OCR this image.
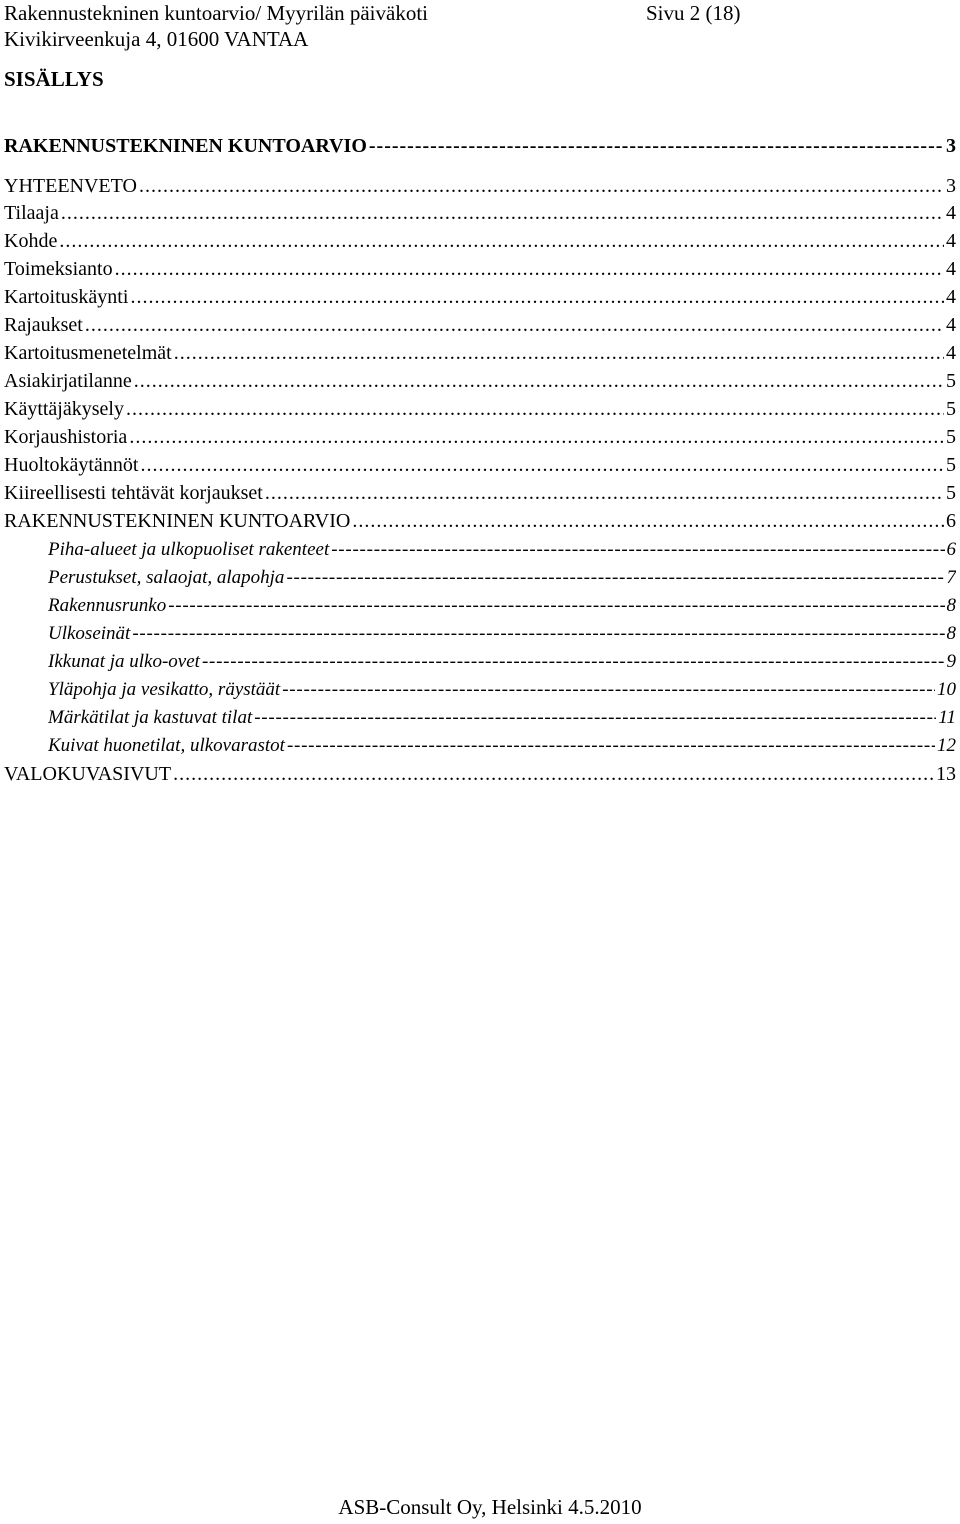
Rakennustekninen kuntoarvio/ Myyrilän päiväkoti	Sivu 2 (18)
Kivikirveenkuja 4, 01600 VANTAA
SISÄLLYS
RAKENNUSTEKNINEN KUNTOARVIO - - -	3
YHTEENVETO .....	3
Tilaaja .....	4
Kohde .....	4
Toimeksianto .....	4
Kartoituskäynti .....	4
Rajaukset .....	4
Kartoitusmenetelmät .....	4
Asiakirjatilanne .....	5
Käyttäjäkysely .....	5
Korjaushistoria .....	5
Huoltokäytännöt .....	5
Kiireellisesti tehtävät korjaukset .....	5
RAKENNUSTEKNINEN KUNTOARVIO .....	6
Piha-alueet ja ulkopuoliset rakenteet - - -	6
Perustukset, salaojat, alapohja - - -	7
Rakennusrunko - - -	8
Ulkoseinät - - -	8
Ikkunat ja ulko-ovet - - -	9
Yläpohja ja vesikatto, räystäät - - -	10
Märkätilat ja kastuvat tilat - - -	11
Kuivat huonetilat, ulkovarastot - - -	12
VALOKUVASIVUT .....	13
ASB-Consult Oy, Helsinki 4.5.2010
